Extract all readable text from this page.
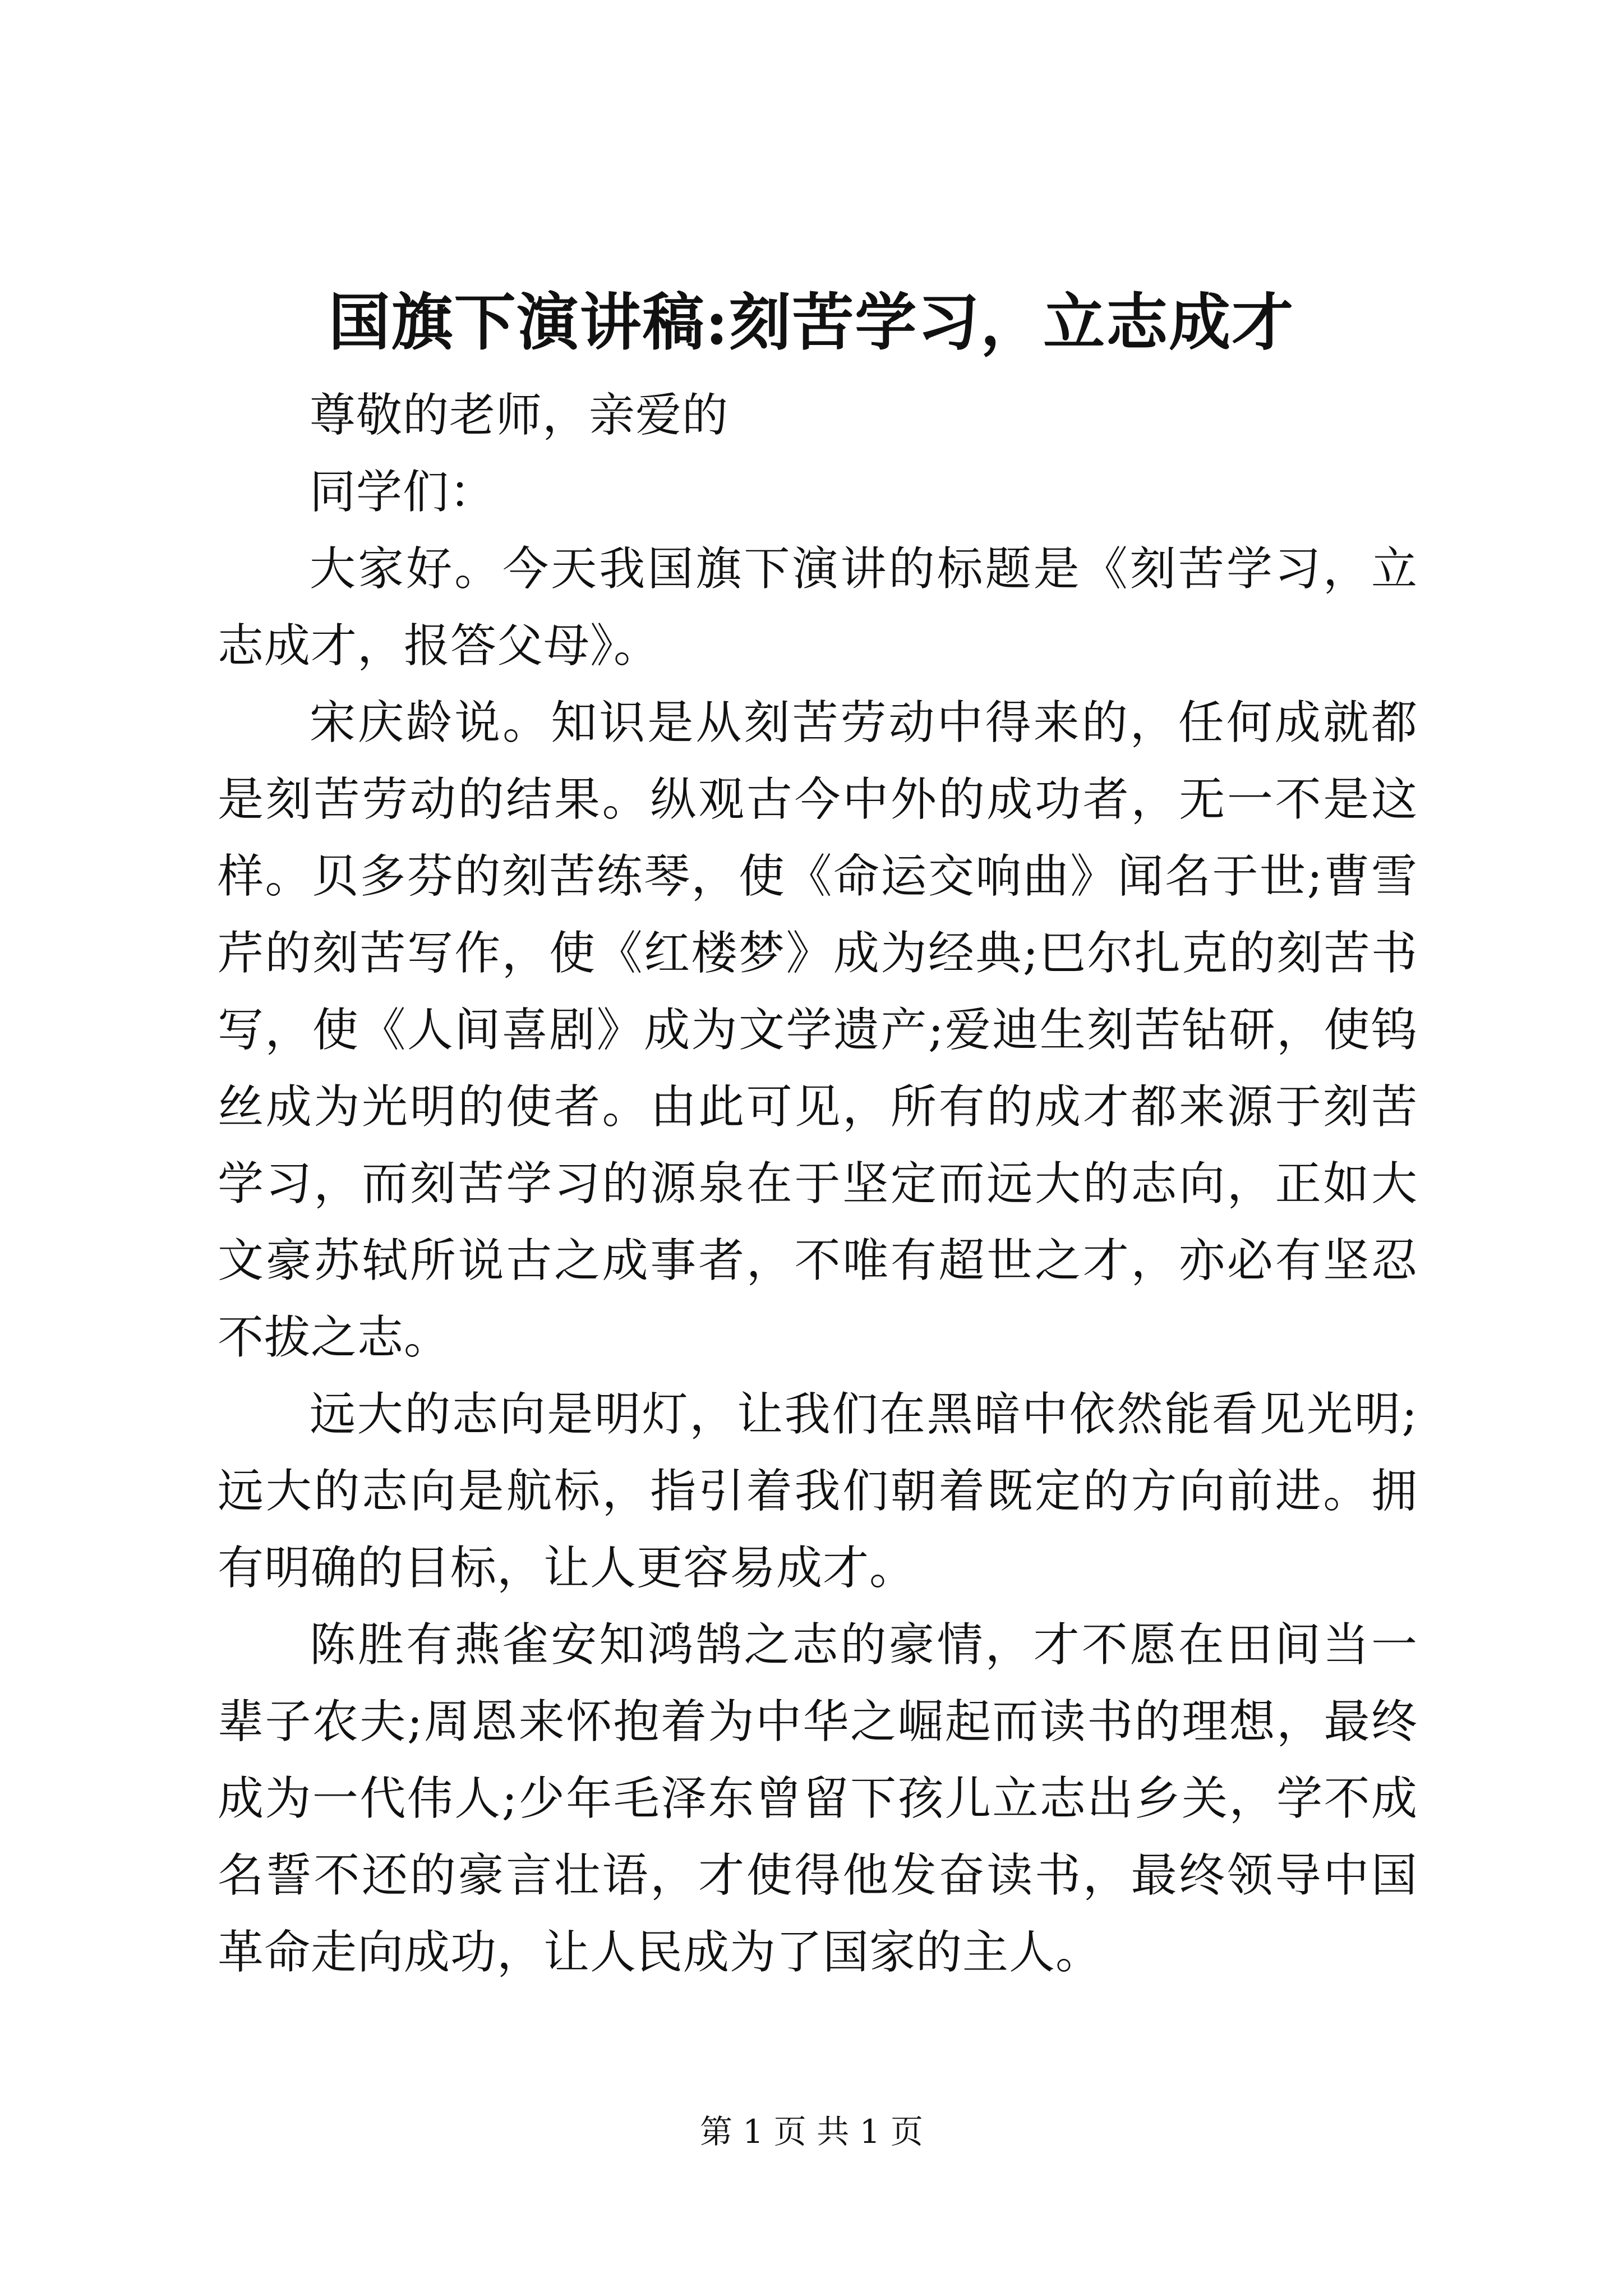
国旗下演讲稿:刻苦学习，立志成才

尊敬的老师，亲爱的

同学们：

大家好。今天我国旗下演讲的标题是《刻苦学习，立志成才，报答父母》。

宋庆龄说。知识是从刻苦劳动中得来的，任何成就都是刻苦劳动的结果。纵观古今中外的成功者，无一不是这样。贝多芬的刻苦练琴，使《命运交响曲》闻名于世;曹雪芹的刻苦写作，使《红楼梦》成为经典;巴尔扎克的刻苦书写，使《人间喜剧》成为文学遗产;爱迪生刻苦钻研，使钨丝成为光明的使者。由此可见，所有的成才都来源于刻苦学习，而刻苦学习的源泉在于坚定而远大的志向，正如大文豪苏轼所说古之成事者，不唯有超世之才，亦必有坚忍不拔之志。

远大的志向是明灯，让我们在黑暗中依然能看见光明;远大的志向是航标，指引着我们朝着既定的方向前进。拥有明确的目标，让人更容易成才。

陈胜有燕雀安知鸿鹄之志的豪情，才不愿在田间当一辈子农夫;周恩来怀抱着为中华之崛起而读书的理想，最终成为一代伟人;少年毛泽东曾留下孩儿立志出乡关，学不成名誓不还的豪言壮语，才使得他发奋读书，最终领导中国革命走向成功，让人民成为了国家的主人。

第 1 页 共 1 页
